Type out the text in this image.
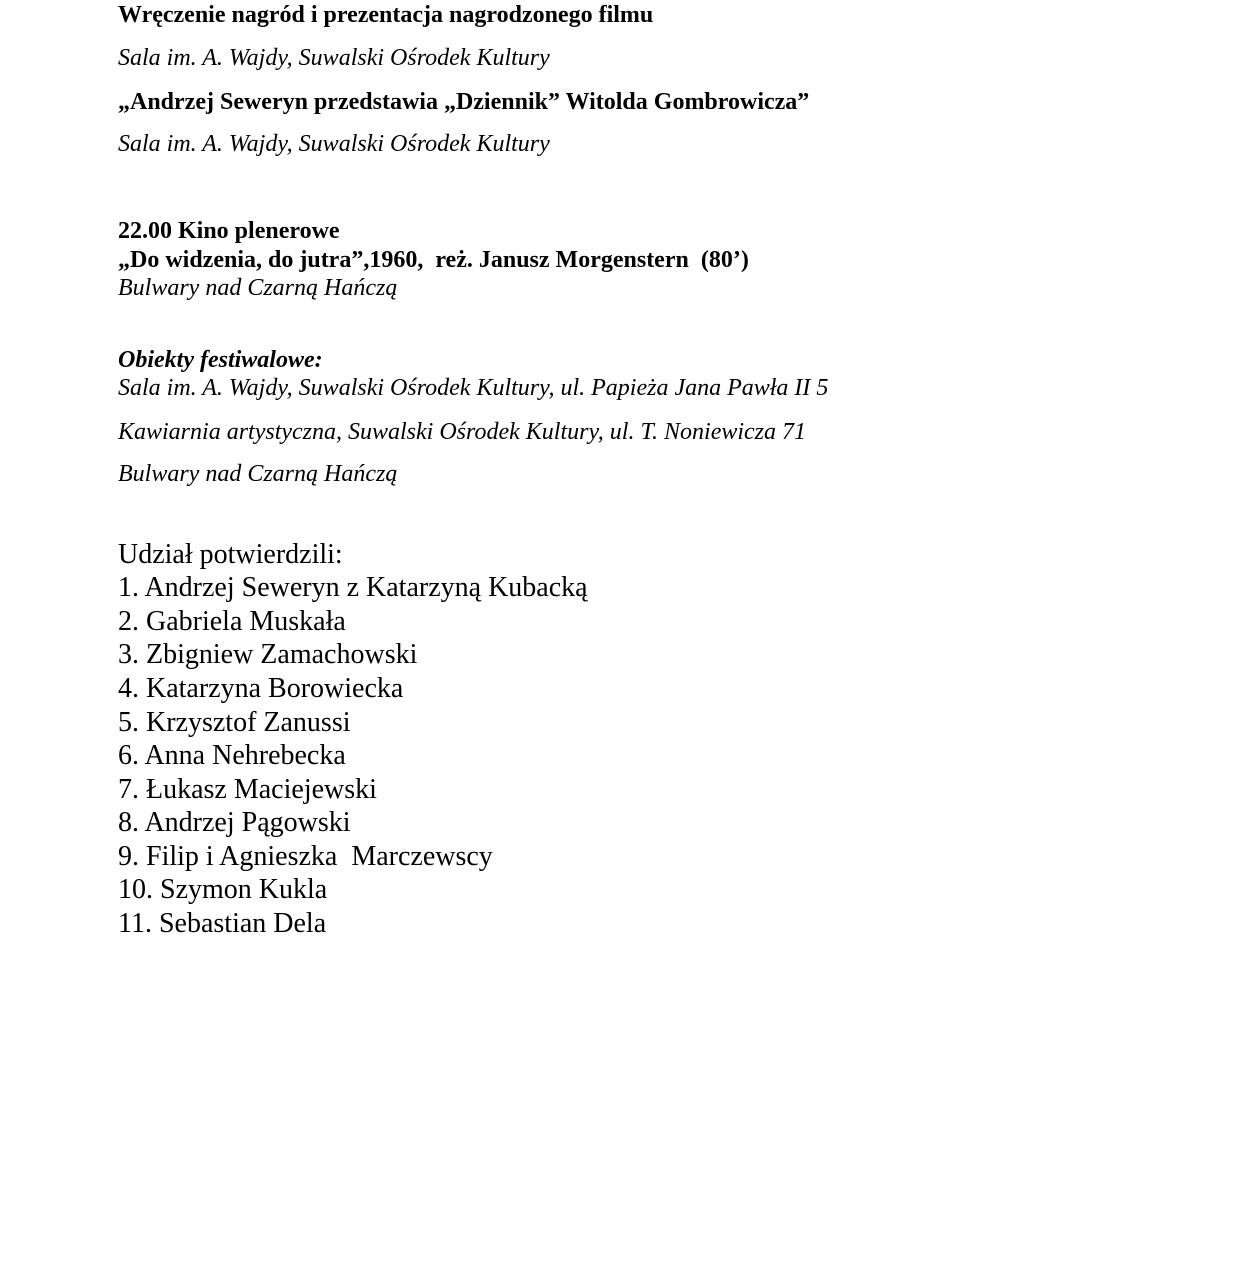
Wręczenie nagród i prezentacja nagrodzonego filmu

Sala im. A. Wajdy, Suwalski Ośrodek Kultury

„Andrzej Seweryn przedstawia „Dziennik” Witolda Gombrowicza”

Sala im. A. Wajdy, Suwalski Ośrodek Kultury

22.00 Kino plenerowe

„Do widzenia, do jutra”,1960,  reż. Janusz Morgenstern  (80’)

Bulwary nad Czarną Hańczą

Obiekty festiwalowe:

Sala im. A. Wajdy, Suwalski Ośrodek Kultury, ul. Papieża Jana Pawła II 5

Kawiarnia artystyczna, Suwalski Ośrodek Kultury, ul. T. Noniewicza 71

Bulwary nad Czarną Hańczą

Udział potwierdzili:

1. Andrzej Seweryn z Katarzyną Kubacką

2. Gabriela Muskała

3. Zbigniew Zamachowski

4. Katarzyna Borowiecka

5. Krzysztof Zanussi

6. Anna Nehrebecka

7. Łukasz Maciejewski

8. Andrzej Pągowski

9. Filip i Agnieszka  Marczewscy

10. Szymon Kukla

11. Sebastian Dela
